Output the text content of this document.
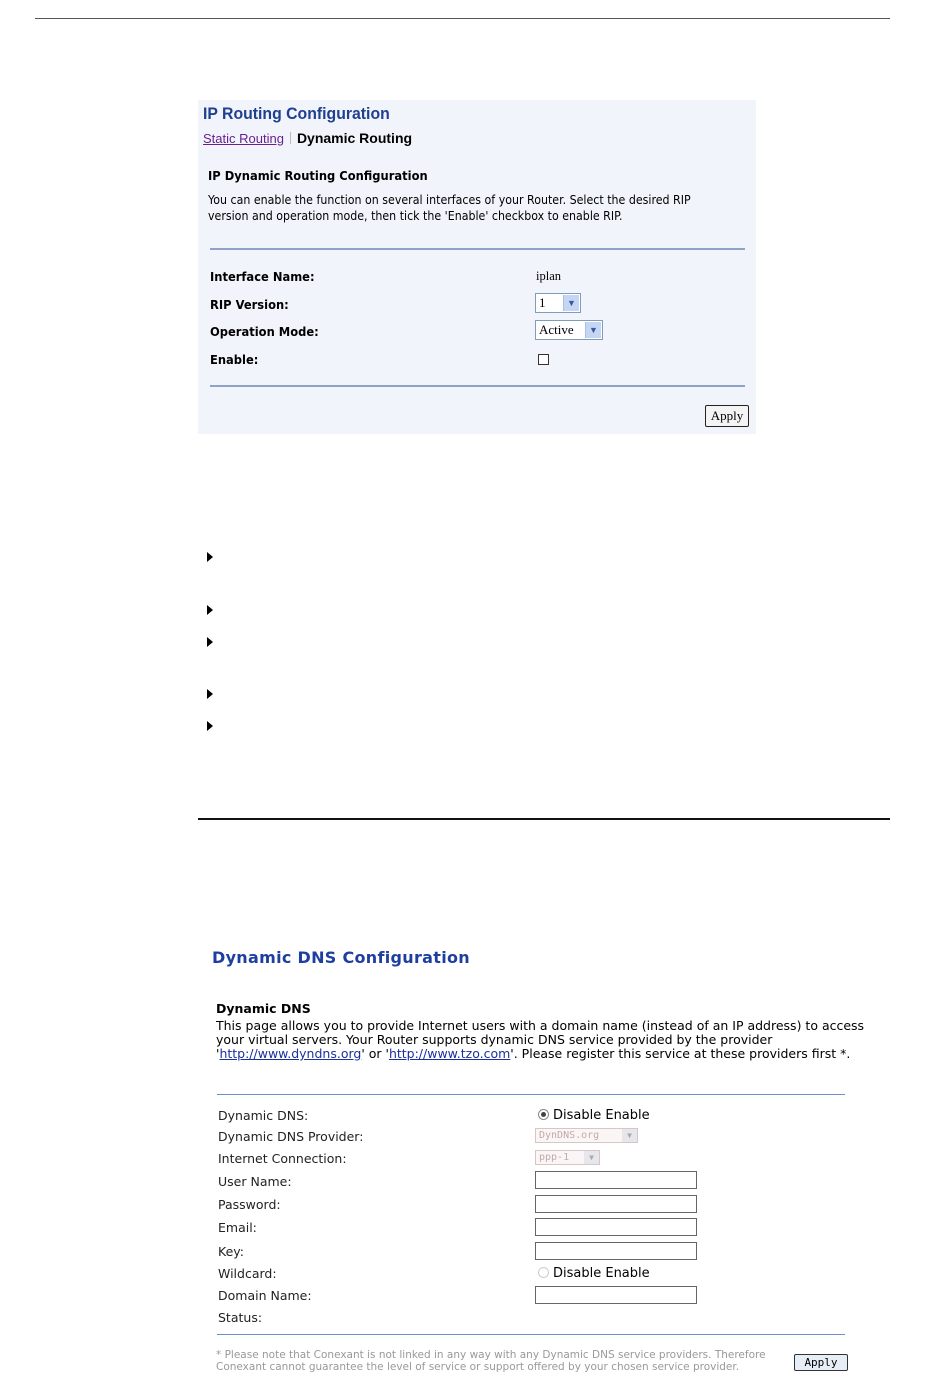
IP Routing Configuration
Static Routing Dynamic Routing
IP Dynamic Routing Configuration
You can enable the function on several interfaces of your Router. Select the desired RIP version and operation mode, then tick the 'Enable' checkbox to enable RIP.
Interface Name:	iplan
RIP Version:	1	▼
Operation Mode:	Active	▼
Enable:
Apply
Dynamic DNS Configuration
Dynamic DNS
This page allows you to provide Internet users with a domain name (instead of an IP address) to access your virtual servers. Your Router supports dynamic DNS service provided by the provider 'http://www.dyndns.org' or 'http://www.tzo.com'. Please register this service at these providers first *.
Dynamic DNS:	Disable Enable
Dynamic DNS Provider:	DynDNS.org	▼
Internet Connection:	ppp-1	▼
User Name:
Password:
Email:
Key:
Wildcard:	Disable Enable
Domain Name:
Status:
* Please note that Conexant is not linked in any way with any Dynamic DNS service providers. Therefore Conexant cannot guarantee the level of service or support offered by your chosen service provider.	Apply
